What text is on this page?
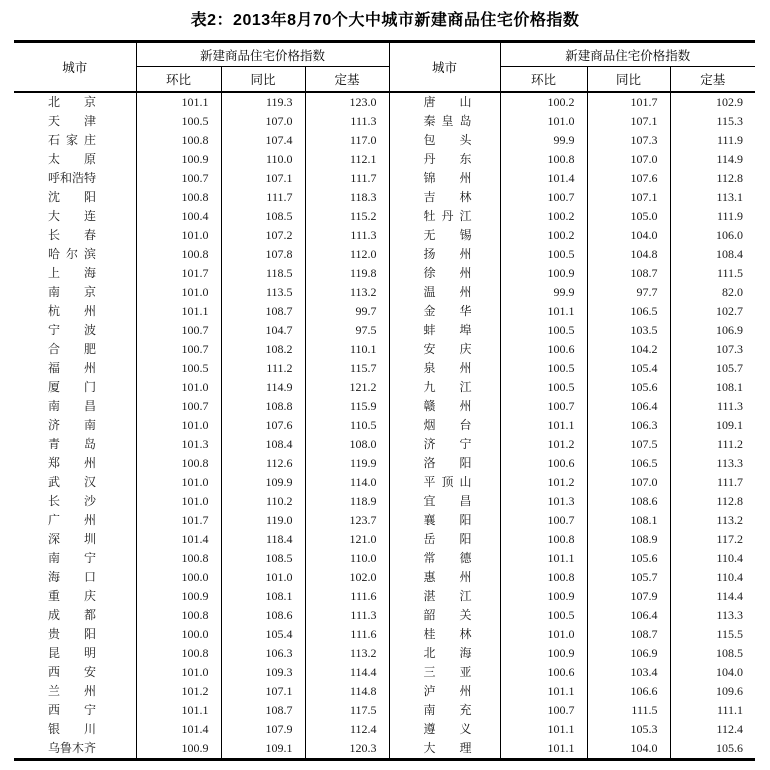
表2：2013年8月70个大中城市新建商品住宅价格指数
城市	新建商品住宅价格指数			城市	新建商品住宅价格指数		
	环比	同比	定基		环比	同比	定基
北京	101.1	119.3	123.0	唐山	100.2	101.7	102.9
天津	100.5	107.0	111.3	秦皇岛	101.0	107.1	115.3
石家庄	100.8	107.4	117.0	包头	99.9	107.3	111.9
太原	100.9	110.0	112.1	丹东	100.8	107.0	114.9
呼和浩特	100.7	107.1	111.7	锦州	101.4	107.6	112.8
沈阳	100.8	111.7	118.3	吉林	100.7	107.1	113.1
大连	100.4	108.5	115.2	牡丹江	100.2	105.0	111.9
长春	101.0	107.2	111.3	无锡	100.2	104.0	106.0
哈尔滨	100.8	107.8	112.0	扬州	100.5	104.8	108.4
上海	101.7	118.5	119.8	徐州	100.9	108.7	111.5
南京	101.0	113.5	113.2	温州	99.9	97.7	82.0
杭州	101.1	108.7	99.7	金华	101.1	106.5	102.7
宁波	100.7	104.7	97.5	蚌埠	100.5	103.5	106.9
合肥	100.7	108.2	110.1	安庆	100.6	104.2	107.3
福州	100.5	111.2	115.7	泉州	100.5	105.4	105.7
厦门	101.0	114.9	121.2	九江	100.5	105.6	108.1
南昌	100.7	108.8	115.9	赣州	100.7	106.4	111.3
济南	101.0	107.6	110.5	烟台	101.1	106.3	109.1
青岛	101.3	108.4	108.0	济宁	101.2	107.5	111.2
郑州	100.8	112.6	119.9	洛阳	100.6	106.5	113.3
武汉	101.0	109.9	114.0	平顶山	101.2	107.0	111.7
长沙	101.0	110.2	118.9	宜昌	101.3	108.6	112.8
广州	101.7	119.0	123.7	襄阳	100.7	108.1	113.2
深圳	101.4	118.4	121.0	岳阳	100.8	108.9	117.2
南宁	100.8	108.5	110.0	常德	101.1	105.6	110.4
海口	100.0	101.0	102.0	惠州	100.8	105.7	110.4
重庆	100.9	108.1	111.6	湛江	100.9	107.9	114.4
成都	100.8	108.6	111.3	韶关	100.5	106.4	113.3
贵阳	100.0	105.4	111.6	桂林	101.0	108.7	115.5
昆明	100.8	106.3	113.2	北海	100.9	106.9	108.5
西安	101.0	109.3	114.4	三亚	100.6	103.4	104.0
兰州	101.2	107.1	114.8	泸州	101.1	106.6	109.6
西宁	101.1	108.7	117.5	南充	100.7	111.5	111.1
银川	101.4	107.9	112.4	遵义	101.1	105.3	112.4
乌鲁木齐	100.9	109.1	120.3	大理	101.1	104.0	105.6
